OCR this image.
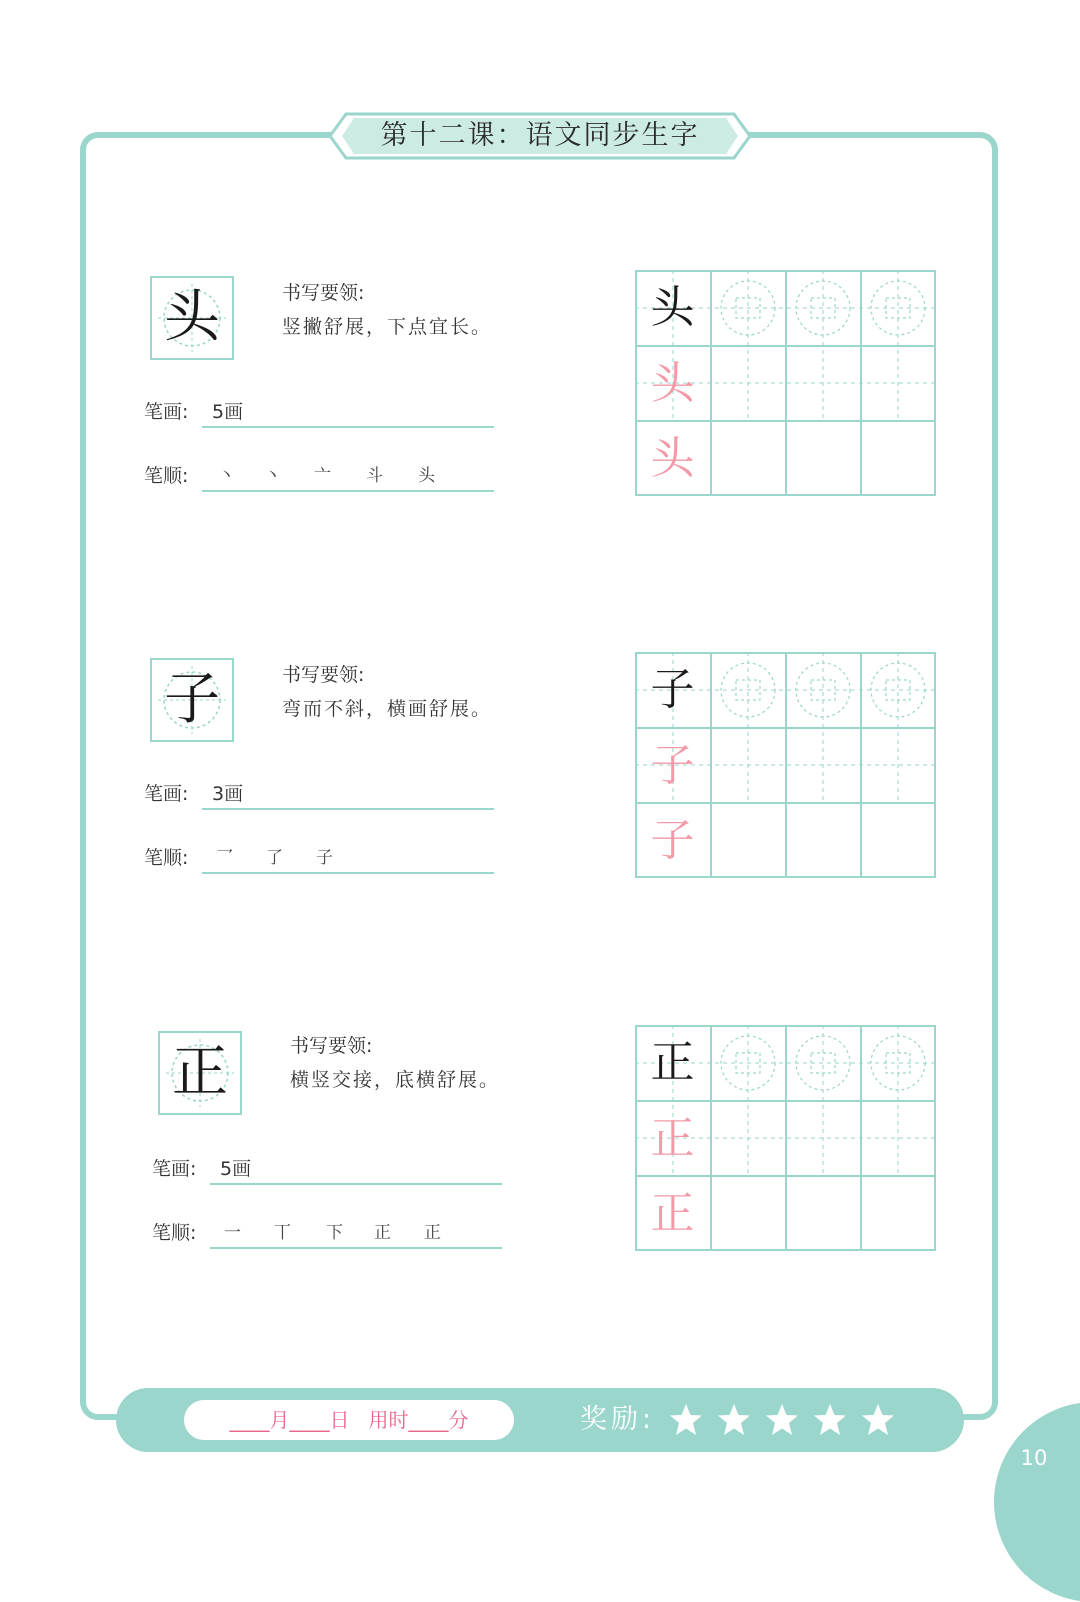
第十二课：语文同步生字
头	书写要领:
竖撇舒展，下点宜长。
笔画: 5画
笔顺: 丶 丶 亠 斗 头
头
头
头
子	书写要领:
弯而不斜，横画舒展。
笔画: 3画
笔顺: 乛 了 子
子
子
子
正	书写要领:
横竖交接，底横舒展。
笔画: 5画
笔顺: 一 丅 下 正 正
正
正
正
____月____日   用时____分	奖励:
10
